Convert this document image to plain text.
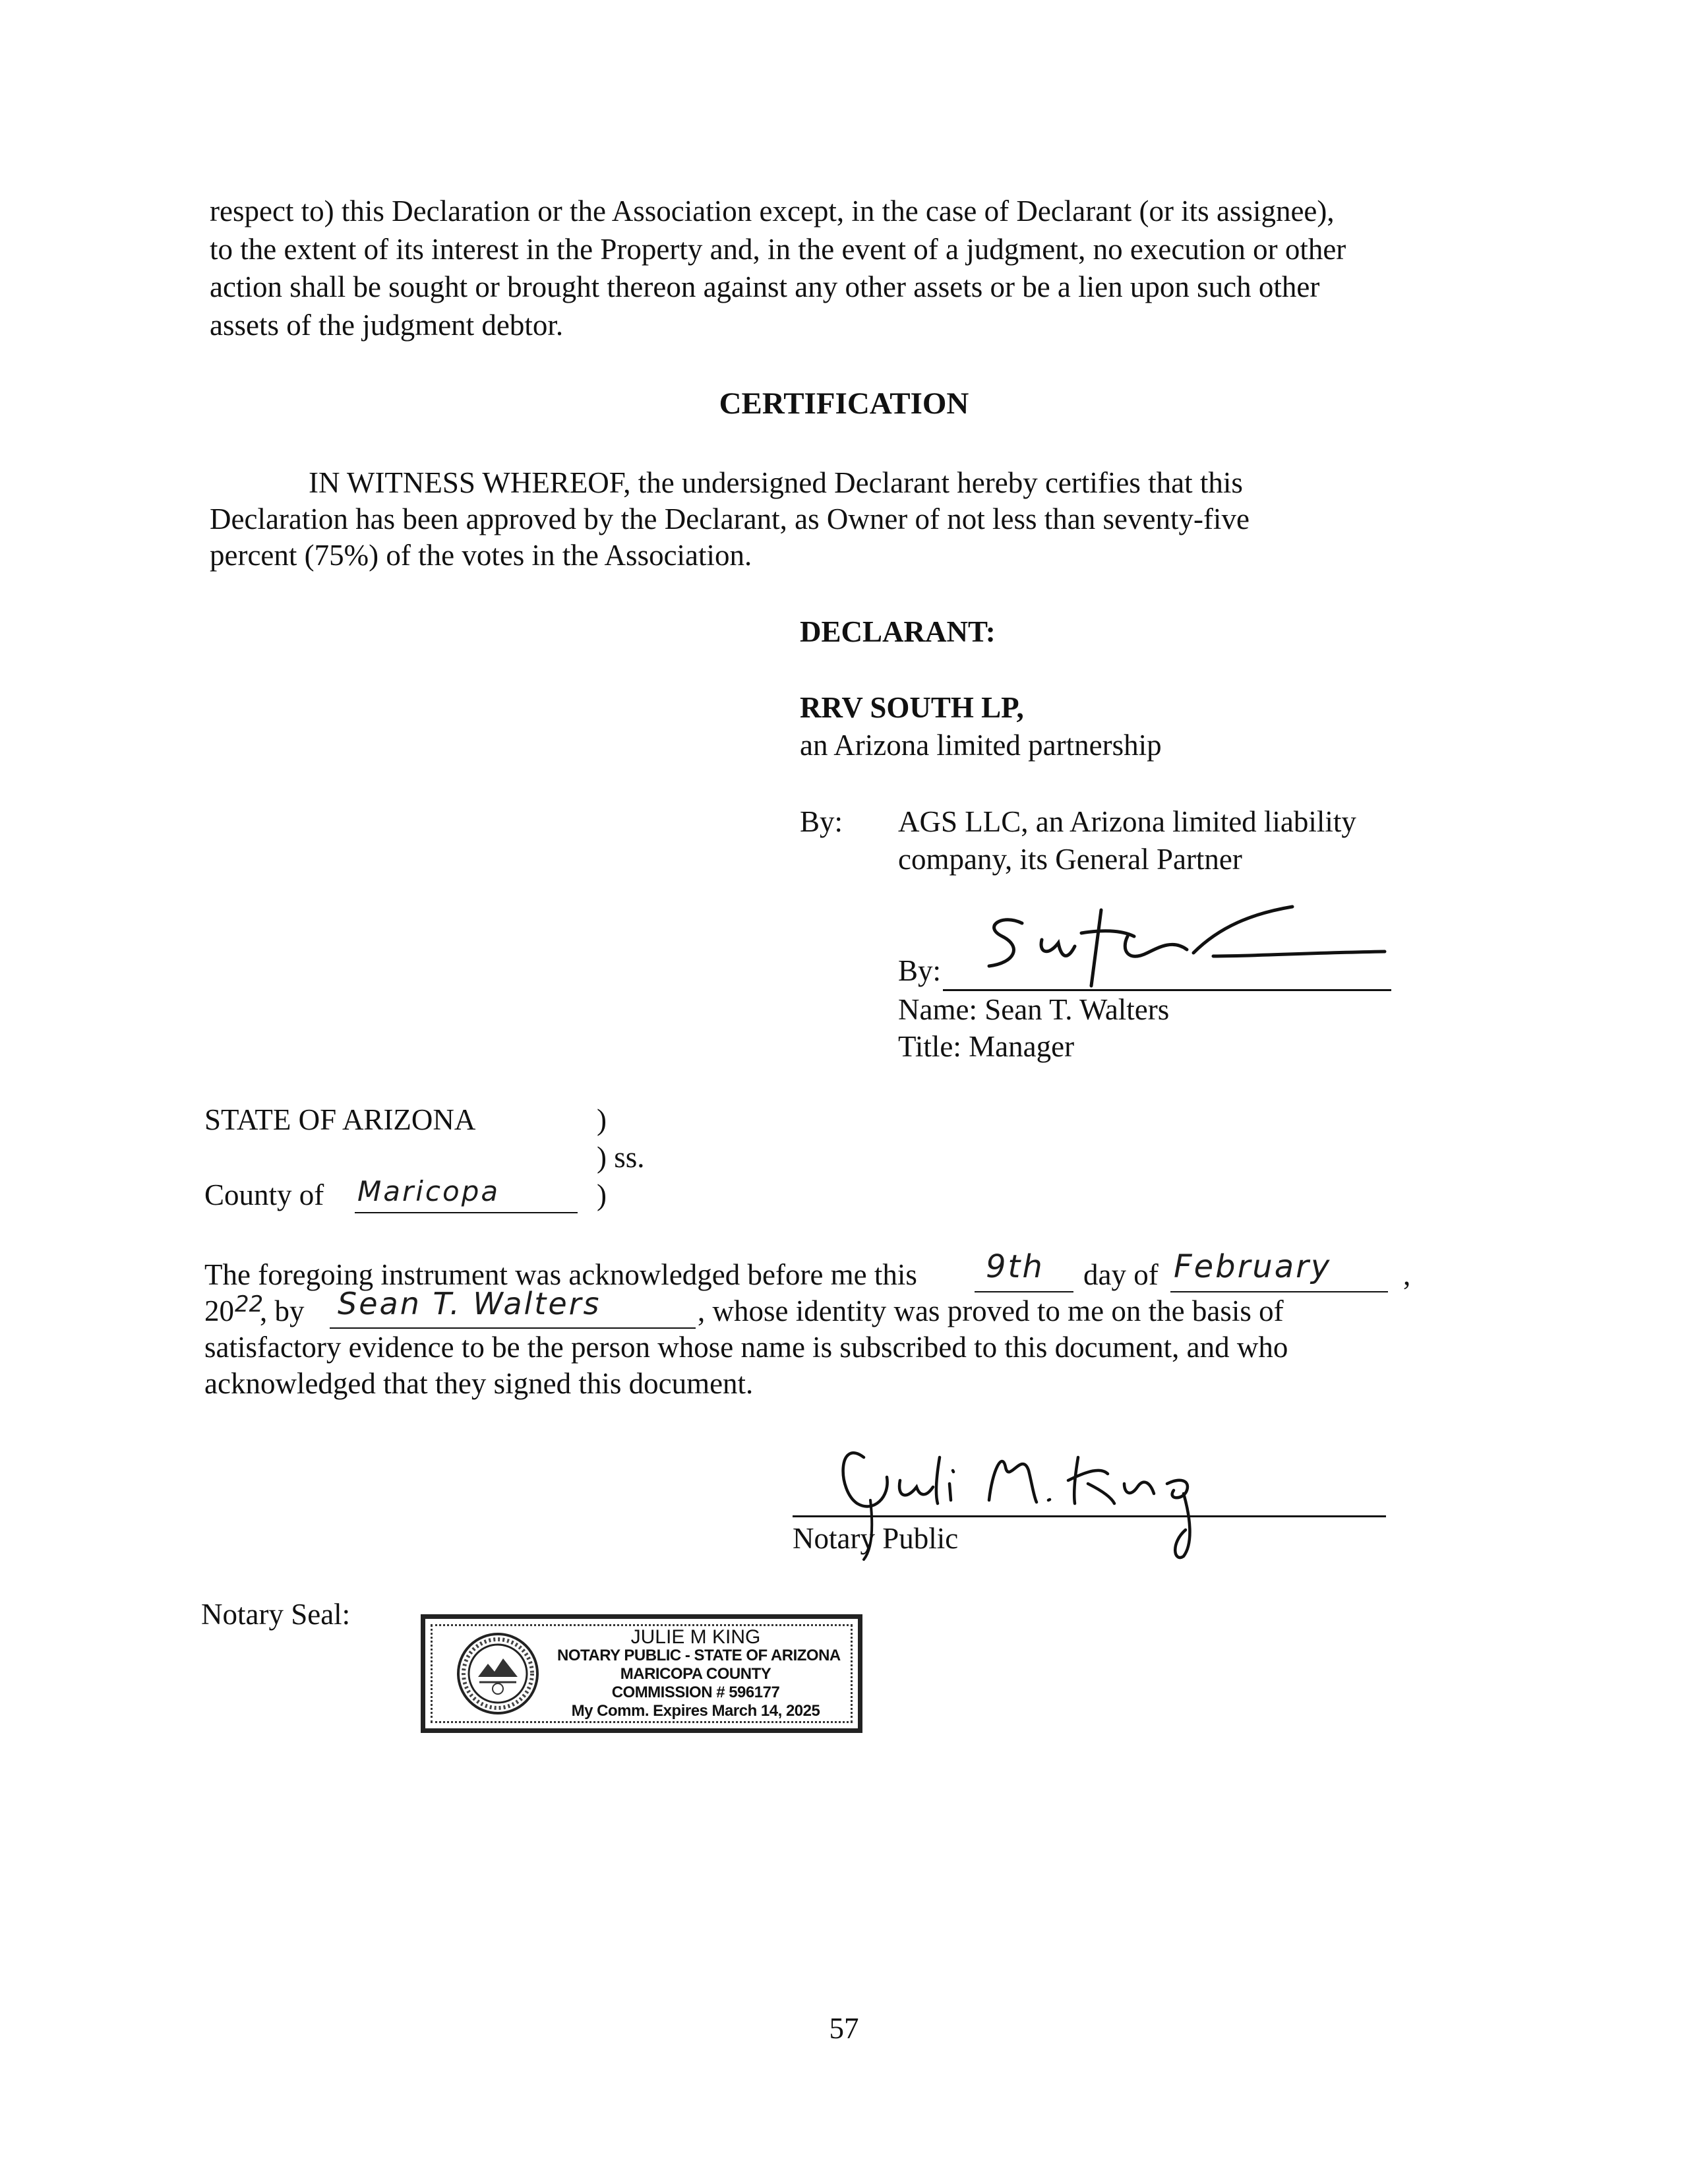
respect to) this Declaration or the Association except, in the case of Declarant (or its assignee),
to the extent of its interest in the Property and, in the event of a judgment, no execution or other
action shall be sought or brought thereon against any other assets or be a lien upon such other
assets of the judgment debtor.
CERTIFICATION
IN WITNESS WHEREOF, the undersigned Declarant hereby certifies that this
Declaration has been approved by the Declarant, as Owner of not less than seventy-five
percent (75%) of the votes in the Association.
DECLARANT:
RRV SOUTH LP,
an Arizona limited partnership
By: AGS LLC, an Arizona limited liability
company, its General Partner
By:
Name: Sean T. Walters
Title: Manager
STATE OF ARIZONA	)
) ss.
County of Maricopa	)
The foregoing instrument was acknowledged before me this 9th day of February ,
20 22
, by Sean T. Walters	, whose identity was proved to me on the basis of
satisfactory evidence to be the person whose name is subscribed to this document, and who
acknowledged that they signed this document.
Notary Public
Notary Seal:
JULIE M KING
NOTARY PUBLIC - STATE OF ARIZONA
MARICOPA COUNTY
COMMISSION # 596177
My Comm. Expires March 14, 2025
57
